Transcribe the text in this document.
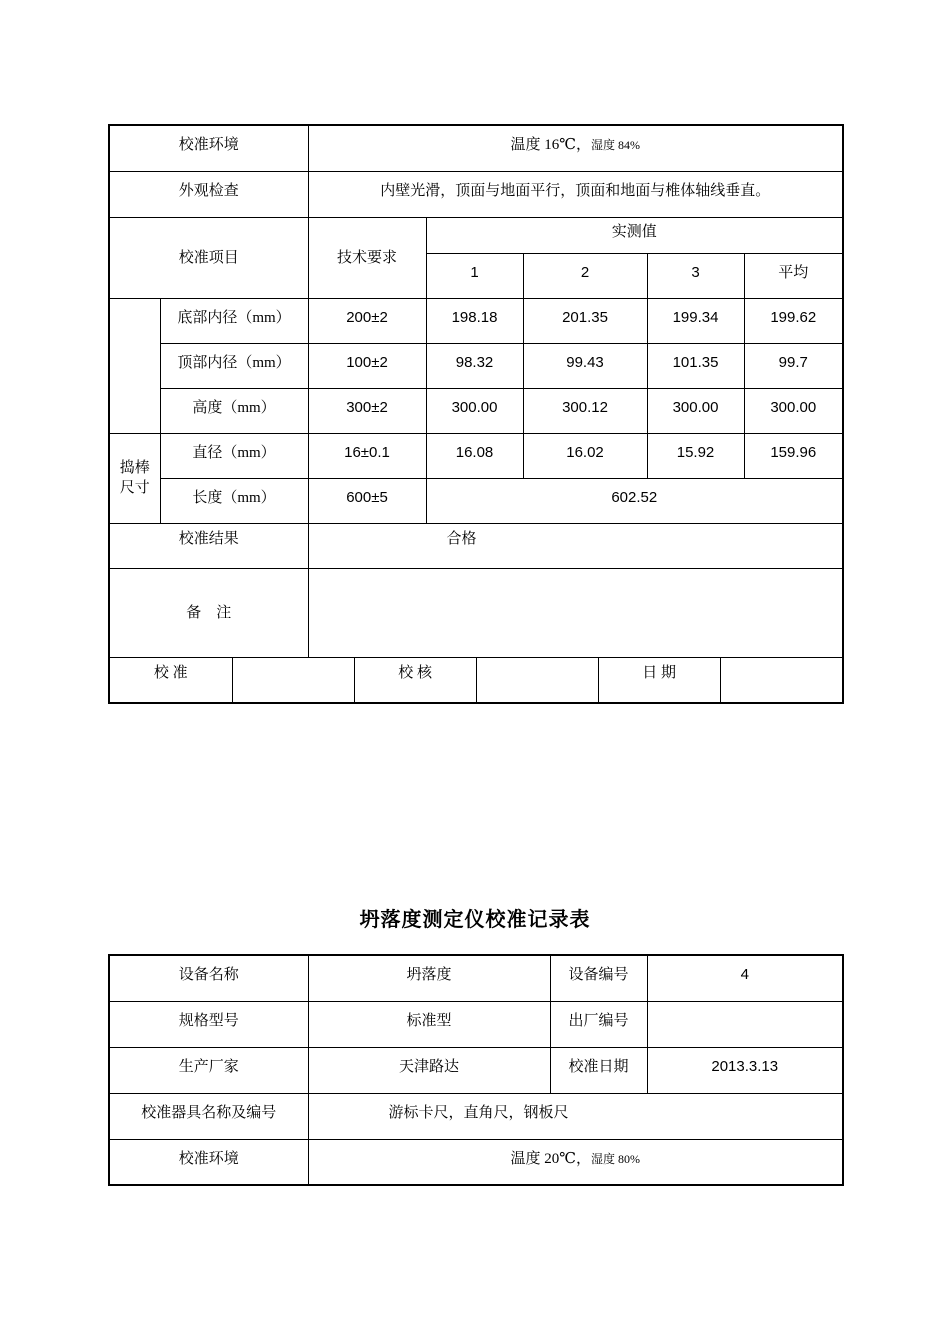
校准环境	温度 16℃，湿度 84%
外观检查	内壁光滑，顶面与地面平行，顶面和地面与椎体轴线垂直。
校准项目	技术要求	实测值
1	2	3	平均
	底部内径（mm）	200±2	198.18	201.35	199.34	199.62
顶部内径（mm）	100±2	98.32	99.43	101.35	99.7
高度（mm）	300±2	300.00	300.12	300.00	300.00
捣棒
尺寸	直径（mm）	16±0.1	16.08	16.02	15.92	159.96
长度（mm）	600±5	602.52
校准结果	合格
备　注	

校 准		校 核		日 期	
坍落度测定仪校准记录表
设备名称	坍落度	设备编号	4
规格型号	标准型	出厂编号	
生产厂家	天津路达	校准日期	2013.3.13
校准器具名称及编号	游标卡尺，直角尺，钢板尺		
校准环境	温度 20℃，湿度 80%		
